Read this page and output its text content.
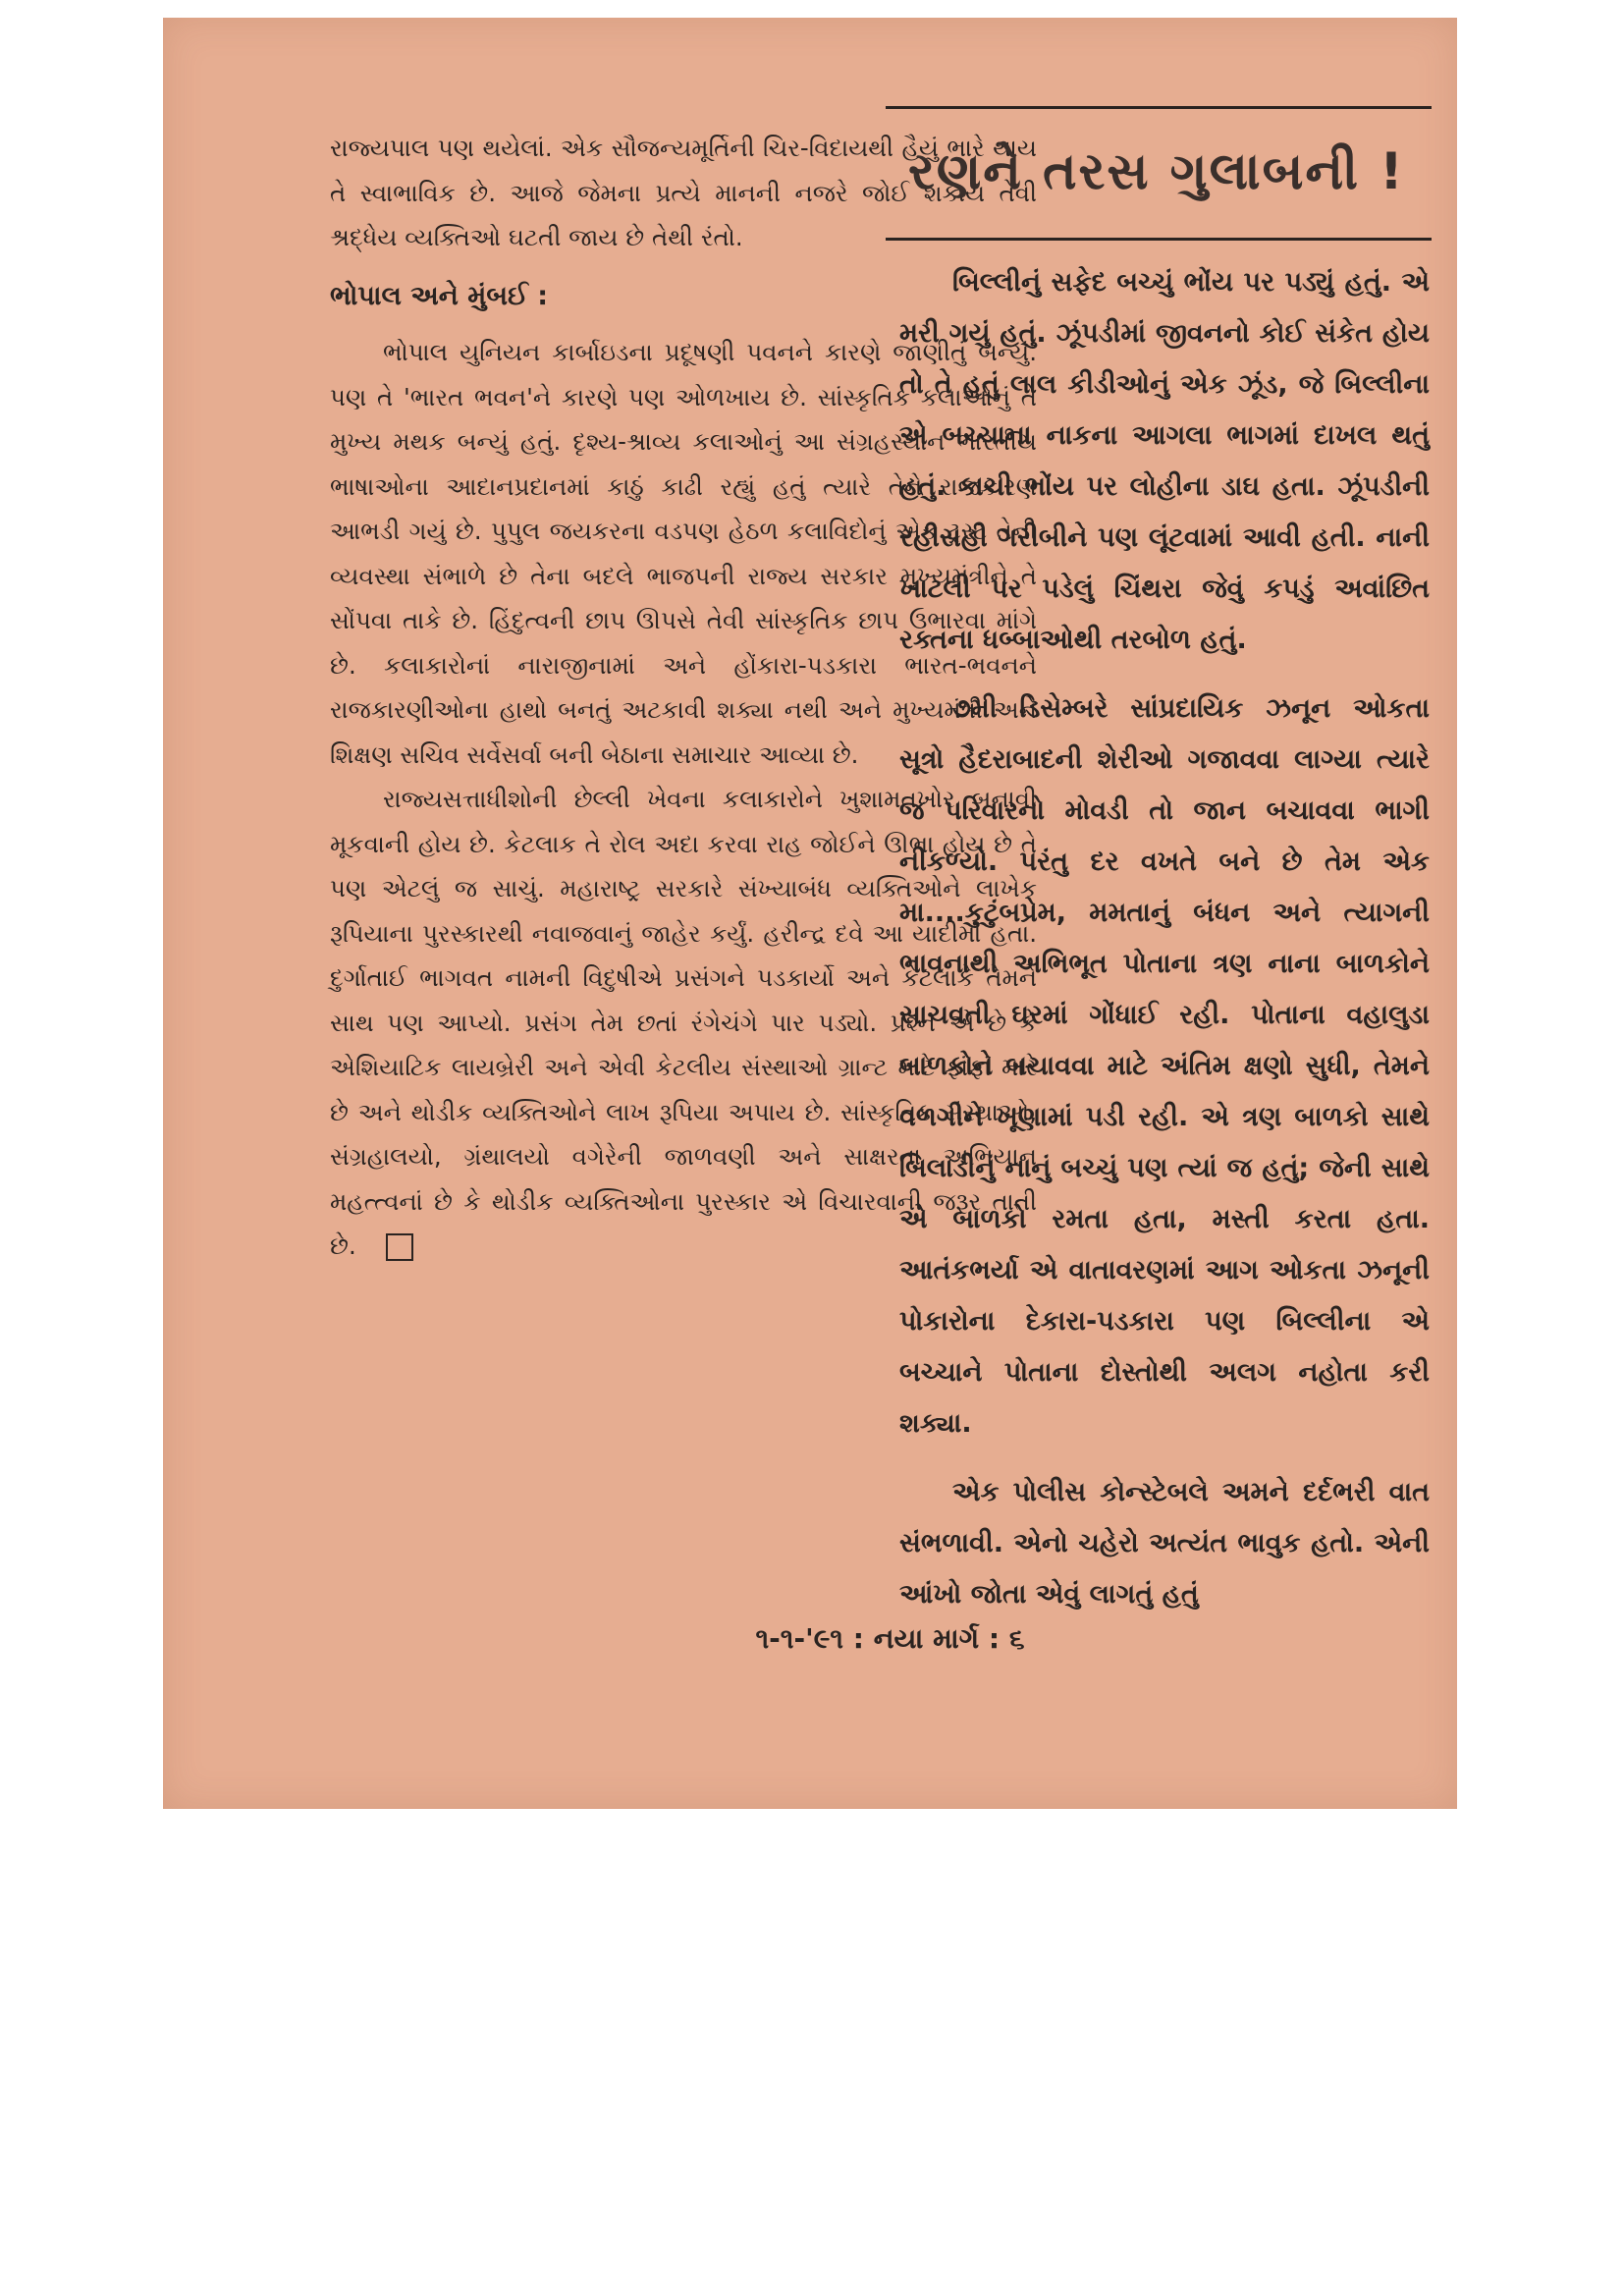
રાજ્યપાલ પણ થયેલાં. એક સૌજન્યમૂર્તિની ચિર-વિદાયથી હૈયું ભારે થાય તે સ્વાભાવિક છે. આજે જેમના પ્રત્યે માનની નજરે જોઈ શકાય તેવી શ્રદ્ધેય વ્યક્તિઓ ઘટતી જાય છે તેથી રંતો.

ભોપાલ અને મુંબઈ :

ભોપાલ યુનિયન કાર્બાઇડના પ્રદૂષણી પવનને કારણે જાણીતું બન્યું. પણ તે 'ભારત ભવન'ને કારણે પણ ઓળખાય છે. સાંસ્કૃતિક કલાઓનું તે મુખ્ય મથક બન્યું હતું. દૃશ્ય-શ્રાવ્ય કલાઓનું આ સંગ્રહસ્થાન ભારતીય ભાષાઓના આદાનપ્રદાનમાં કાઠું કાઢી રહ્યું હતું ત્યારે તેને રાજકારણ આભડી ગયું છે. પુપુલ જયકરના વડપણ હેઠળ કલાવિદોનું એક ટ્રસ્ટ તેની વ્યવસ્થા સંભાળે છે તેના બદલે ભાજપની રાજ્ય સરકાર મુખ્યમંત્રીને તે સોંપવા તાકે છે. હિંદુત્વની છાપ ઊપસે તેવી સાંસ્કૃતિક છાપ ઉભારવા માંગે છે. કલાકારોનાં નારાજીનામાં અને હોંકારા-પડકારા ભારત-ભવનને રાજકારણીઓના હાથો બનતું અટકાવી શક્યા નથી અને મુખ્યમંત્રી અને શિક્ષણ સચિવ સર્વેસર્વા બની બેઠાના સમાચાર આવ્યા છે.

રાજ્યસત્તાધીશોની છેલ્લી ખેવના કલાકારોને ખુશામતખોર બનાવી મૂકવાની હોય છે. કેટલાક તે રોલ અદા કરવા રાહ જોઈને ઊભા હોય છે તે પણ એટલું જ સાચું. મહારાષ્ટ્ર સરકારે સંખ્યાબંધ વ્યક્તિઓને લાખેક રૂપિયાના પુરસ્કારથી નવાજવાનું જાહેર કર્યું. હરીન્દ્ર દવે આ યાદીમાં હતા. દુર્ગાતાઈ ભાગવત નામની વિદુષીએ પ્રસંગને પડકાર્યો અને કેટલાકે તેમને સાથ પણ આપ્યો. પ્રસંગ તેમ છતાં રંગેચંગે પાર પડ્યો. પ્રશ્ન એ છે કે એશિયાટિક લાયબ્રેરી અને એવી કેટલીય સંસ્થાઓ ગ્રાન્ટ માટે ફાંફાં મારે છે અને થોડીક વ્યક્તિઓને લાખ રૂપિયા અપાય છે. સાંસ્કૃતિક સંસ્થાઓ, સંગ્રહાલયો, ગ્રંથાલયો વગેરેની જાળવણી અને સાક્ષરતા અભિયાન મહત્ત્વનાં છે કે થોડીક વ્યક્તિઓના પુરસ્કાર એ વિચારવાની જરૂર તાતી છે.

રણને તરસ ગુલાબની !

બિલ્લીનું સફેદ બચ્ચું ભોંય પર પડ્યું હતું. એ મરી ગયું હતું. ઝૂંપડીમાં જીવનનો કોઈ સંકેત હોય તો તે હતું લાલ કીડીઓનું એક ઝૂંડ, જે બિલ્લીના એ બચ્ચાના નાકના આગલા ભાગમાં દાખલ થતું હતું. કાચી ભોંય પર લોહીના ડાઘ હતા. ઝૂંપડીની રહીસહી ગરીબીને પણ લૂંટવામાં આવી હતી. નાની ખાટલી પર પડેલું ચિંથરા જેવું કપડું અવાંછિત રક્તના ધબ્બાઓથી તરબોળ હતું.

૭મી ડિસેમ્બરે સાંપ્રદાયિક ઝનૂન ઓકતા સૂત્રો હૈદરાબાદની શેરીઓ ગજાવવા લાગ્યા ત્યારે જ પરિવારનો મોવડી તો જાન બચાવવા ભાગી નીકળ્યો. પરંતુ દર વખતે બને છે તેમ એક મા....કુટુંબપ્રેમ, મમતાનું બંધન અને ત્યાગની ભાવનાથી અભિભૂત પોતાના ત્રણ નાના બાળકોને સાચવતી ઘરમાં ગોંધાઈ રહી. પોતાના વહાલુડા બાળકોને બચાવવા માટે અંતિમ ક્ષણો સુધી, તેમને વળગીને ખૂણામાં પડી રહી. એ ત્રણ બાળકો સાથે બિલાડીનું નાનું બચ્ચું પણ ત્યાં જ હતું; જેની સાથે એ બાળકો રમતા હતા, મસ્તી કરતા હતા. આતંકભર્યા એ વાતાવરણમાં આગ ઓકતા ઝનૂની પોકારોના દેકારા-પડકારા પણ બિલ્લીના એ બચ્ચાને પોતાના દોસ્તોથી અલગ નહોતા કરી શક્યા.

એક પોલીસ કોન્સ્ટેબલે અમને દર્દભરી વાત સંભળાવી. એનો ચહેરો અત્યંત ભાવુક હતો. એની આંખો જોતા એવું લાગતું હતું

૧-૧-'૯૧ : નયા માર્ગ : ૬
